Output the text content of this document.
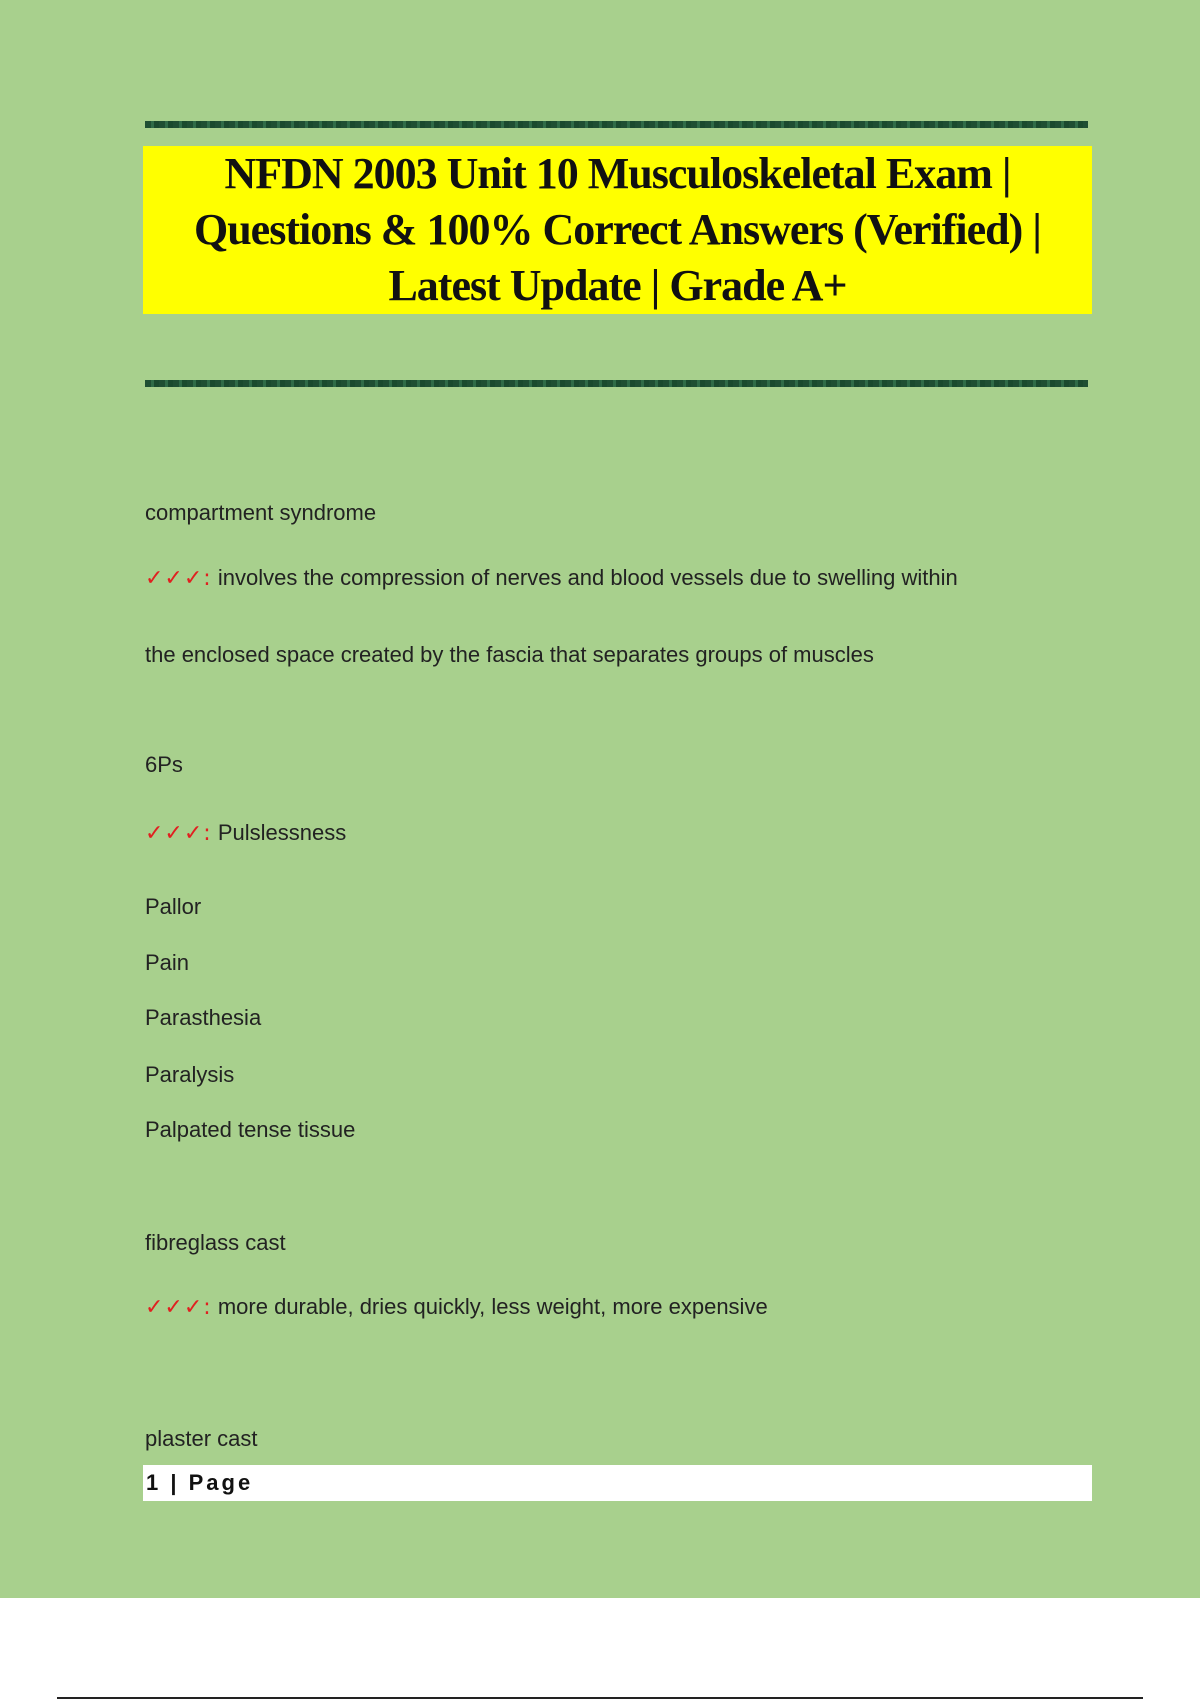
NFDN 2003 Unit 10 Musculoskeletal Exam | Questions & 100% Correct Answers (Verified) | Latest Update | Grade A+
compartment syndrome
✓✓✓: involves the compression of nerves and blood vessels due to swelling within
the enclosed space created by the fascia that separates groups of muscles
6Ps
✓✓✓: Pulslessness
Pallor
Pain
Parasthesia
Paralysis
Palpated tense tissue
fibreglass cast
✓✓✓: more durable, dries quickly, less weight, more expensive
plaster cast
1 | Page
